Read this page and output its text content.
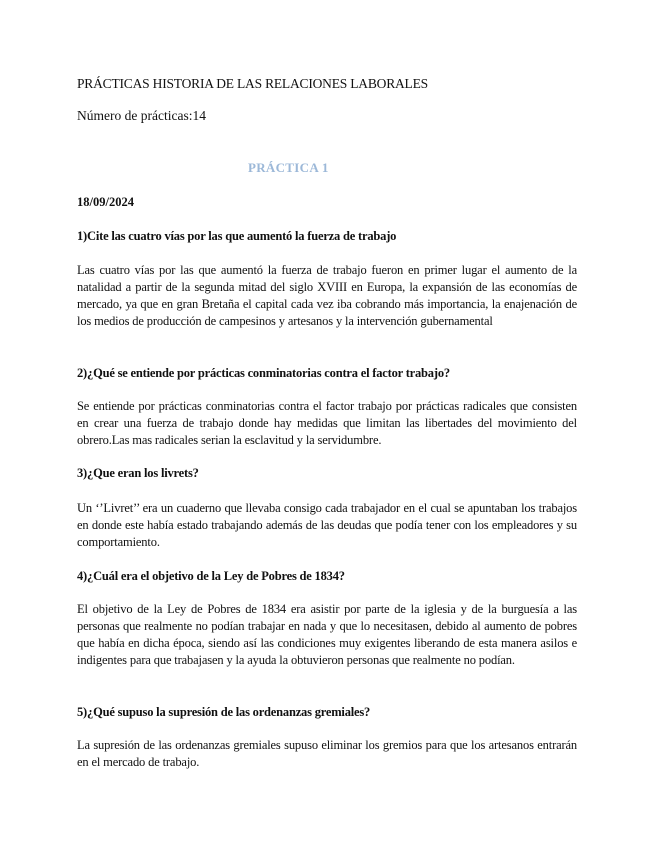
PRÁCTICAS HISTORIA DE LAS RELACIONES LABORALES
Número de prácticas:14
PRÁCTICA 1
18/09/2024
1)Cite las cuatro vías por las que aumentó la fuerza de trabajo
Las cuatro vías por las que aumentó la fuerza de trabajo fueron en primer lugar el aumento de la natalidad a partir de la segunda mitad del siglo XVIII en Europa, la expansión de las economías de mercado, ya que en gran Bretaña el capital cada vez iba cobrando más importancia, la enajenación de los medios de producción de campesinos y artesanos y la intervención gubernamental
2)¿Qué se entiende por prácticas conminatorias contra el factor trabajo?
Se entiende por prácticas conminatorias contra el factor trabajo por prácticas radicales que consisten en crear una fuerza de trabajo donde hay medidas que limitan las libertades del movimiento del obrero.Las mas radicales serian la esclavitud y la servidumbre.
3)¿Que eran los livrets?
Un ‘’Livret’’ era un cuaderno que llevaba consigo cada trabajador en el cual se apuntaban los trabajos en donde este había estado trabajando además de las deudas que podía tener con los empleadores y su comportamiento.
4)¿Cuál era el objetivo de la Ley de Pobres de 1834?
El objetivo de la Ley de Pobres de 1834 era asistir por parte de la iglesia y de la burguesía a las personas que realmente no podían trabajar en nada y que lo necesitasen, debido al aumento de pobres que había en dicha época, siendo así las condiciones muy exigentes liberando de esta manera asilos e indigentes para que trabajasen y la ayuda la obtuvieron personas que realmente no podían.
5)¿Qué supuso la supresión de las ordenanzas gremiales?
La supresión de las ordenanzas gremiales supuso eliminar los gremios para que los artesanos entrarán en el mercado de trabajo.
